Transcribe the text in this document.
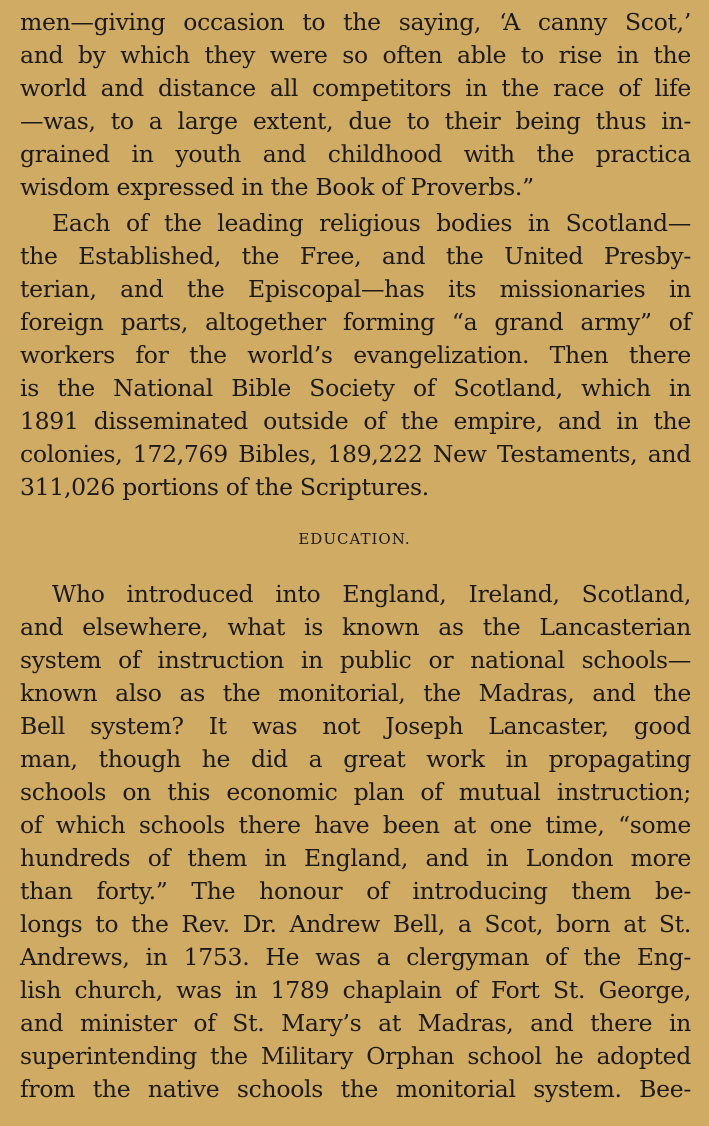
men—giving occasion to the saying, ‘A canny Scot,’
and by which they were so often able to rise in the
world and distance all competitors in the race of life
—was, to a large extent, due to their being thus in-
grained in youth and childhood with the practica
wisdom expressed in the Book of Proverbs.”

Each of the leading religious bodies in Scotland—
the Established, the Free, and the United Presby-
terian, and the Episcopal—has its missionaries in
foreign parts, altogether forming “a grand army” of
workers for the world’s evangelization. Then there
is the National Bible Society of Scotland, which in
1891 disseminated outside of the empire, and in the
colonies, 172,769 Bibles, 189,222 New Testaments, and
311,026 portions of the Scriptures.

EDUCATION.

Who introduced into England, Ireland, Scotland,
and elsewhere, what is known as the Lancasterian
system of instruction in public or national schools—
known also as the monitorial, the Madras, and the
Bell system? It was not Joseph Lancaster, good
man, though he did a great work in propagating
schools on this economic plan of mutual instruction;
of which schools there have been at one time, “some
hundreds of them in England, and in London more
than forty.” The honour of introducing them be-
longs to the Rev. Dr. Andrew Bell, a Scot, born at St.
Andrews, in 1753. He was a clergyman of the Eng-
lish church, was in 1789 chaplain of Fort St. George,
and minister of St. Mary’s at Madras, and there in
superintending the Military Orphan school he adopted
from the native schools the monitorial system. Bee-
